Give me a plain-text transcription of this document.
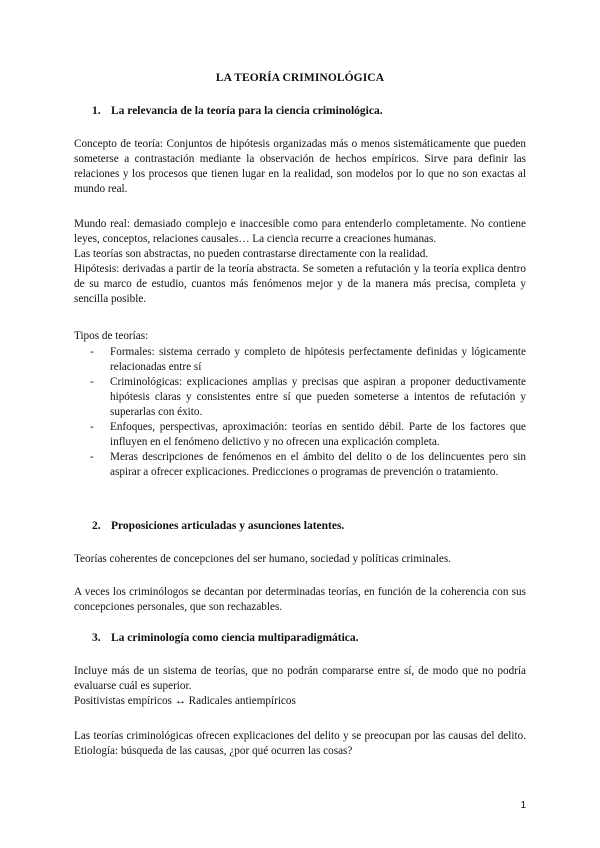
LA TEORÍA CRIMINOLÓGICA
1. La relevancia de la teoría para la ciencia criminológica.
Concepto de teoría: Conjuntos de hipótesis organizadas más o menos sistemáticamente que pueden someterse a contrastación mediante la observación de hechos empíricos. Sirve para definir las relaciones y los procesos que tienen lugar en la realidad, son modelos por lo que no son exactas al mundo real.
Mundo real: demasiado complejo e inaccesible como para entenderlo completamente. No contiene leyes, conceptos, relaciones causales… La ciencia recurre a creaciones humanas.
Las teorías son abstractas, no pueden contrastarse directamente con la realidad.
Hipótesis: derivadas a partir de la teoría abstracta. Se someten a refutación y la teoría explica dentro de su marco de estudio, cuantos más fenómenos mejor y de la manera más precisa, completa y sencilla posible.
Tipos de teorías:
- Formales: sistema cerrado y completo de hipótesis perfectamente definidas y lógicamente relacionadas entre sí
- Criminológicas: explicaciones amplias y precisas que aspiran a proponer deductivamente hipótesis claras y consistentes entre sí que pueden someterse a intentos de refutación y superarlas con éxito.
- Enfoques, perspectivas, aproximación: teorías en sentido débil. Parte de los factores que influyen en el fenómeno delictivo y no ofrecen una explicación completa.
- Meras descripciones de fenómenos en el ámbito del delito o de los delincuentes pero sin aspirar a ofrecer explicaciones. Predicciones o programas de prevención o tratamiento.
2. Proposiciones articuladas y asunciones latentes.
Teorías coherentes de concepciones del ser humano, sociedad y políticas criminales.
A veces los criminólogos se decantan por determinadas teorías, en función de la coherencia con sus concepciones personales, que son rechazables.
3. La criminología como ciencia multiparadigmática.
Incluye más de un sistema de teorías, que no podrán compararse entre sí, de modo que no podría evaluarse cuál es superior.
Positivistas empíricos ↔ Radicales antiempíricos
Las teorías criminológicas ofrecen explicaciones del delito y se preocupan por las causas del delito. Etiología: búsqueda de las causas, ¿por qué ocurren las cosas?
1
